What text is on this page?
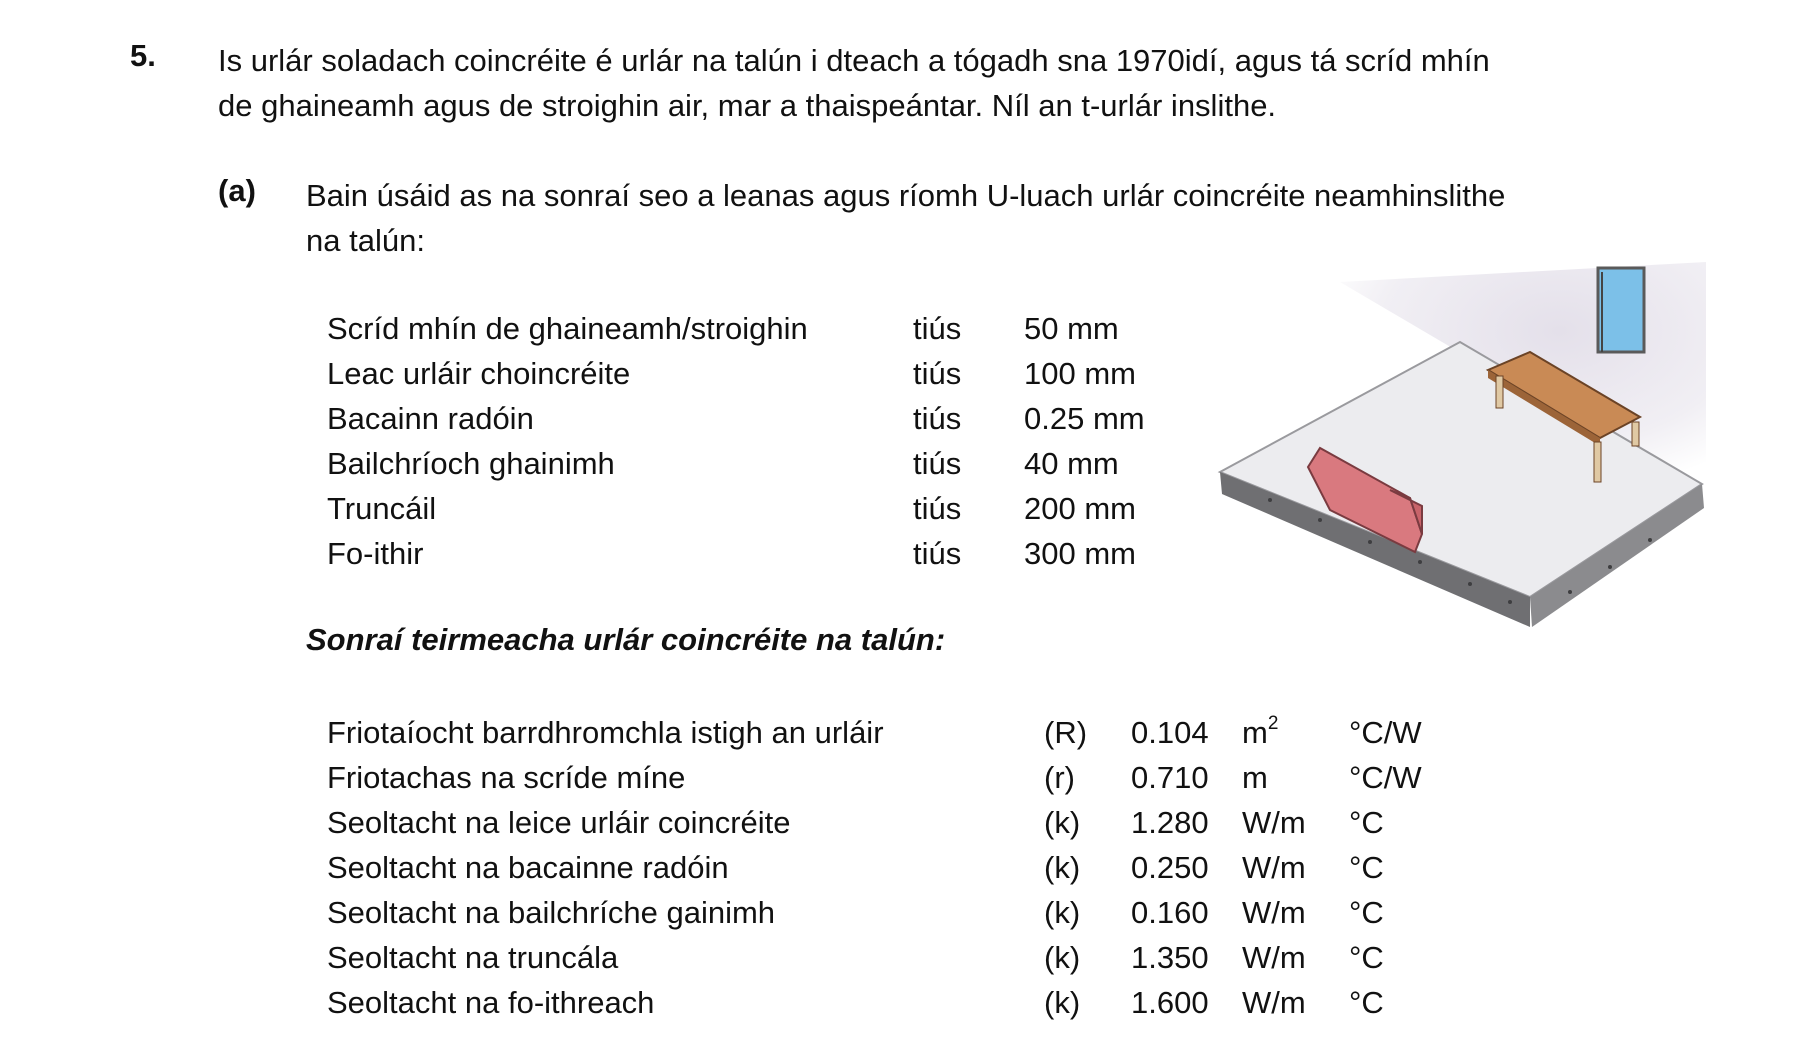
5. Is urlár soladach coincréite é urlár na talún i dteach a tógadh sna 1970idí, agus tá scríd mhín
de ghaineamh agus de stroighin air, mar a thaispeántar. Níl an t-urlár inslithe.
(a) Bain úsáid as na sonraí seo a leanas agus ríomh U-luach urlár coincréite neamhinslithe
na talún:
Scríd mhín de ghaineamh/stroighin	tiús 50 mm
Leac urláir choincréite	tiús 100 mm
Bacainn radóin	tiús 0.25 mm
Bailchríoch ghainimh	tiús 40 mm
Truncáil	tiús 200 mm
Fo-ithir	tiús 300 mm
Sonraí teirmeacha urlár coincréite na talún:
Friotaíocht barrdhromchla istigh an urláir	(R) 0.104 $m^2$ °C/W
Friotachas na scríde míne	(r) 0.710 m	°C/W
Seoltacht na leice urláir coincréite	(k) 1.280 W/m °C
Seoltacht na bacainne radóin	(k) 0.250 W/m °C
Seoltacht na bailchríche gainimh	(k) 0.160 W/m °C
Seoltacht na truncála	(k) 1.350 W/m °C
Seoltacht na fo-ithreach	(k) 1.600 W/m °C
